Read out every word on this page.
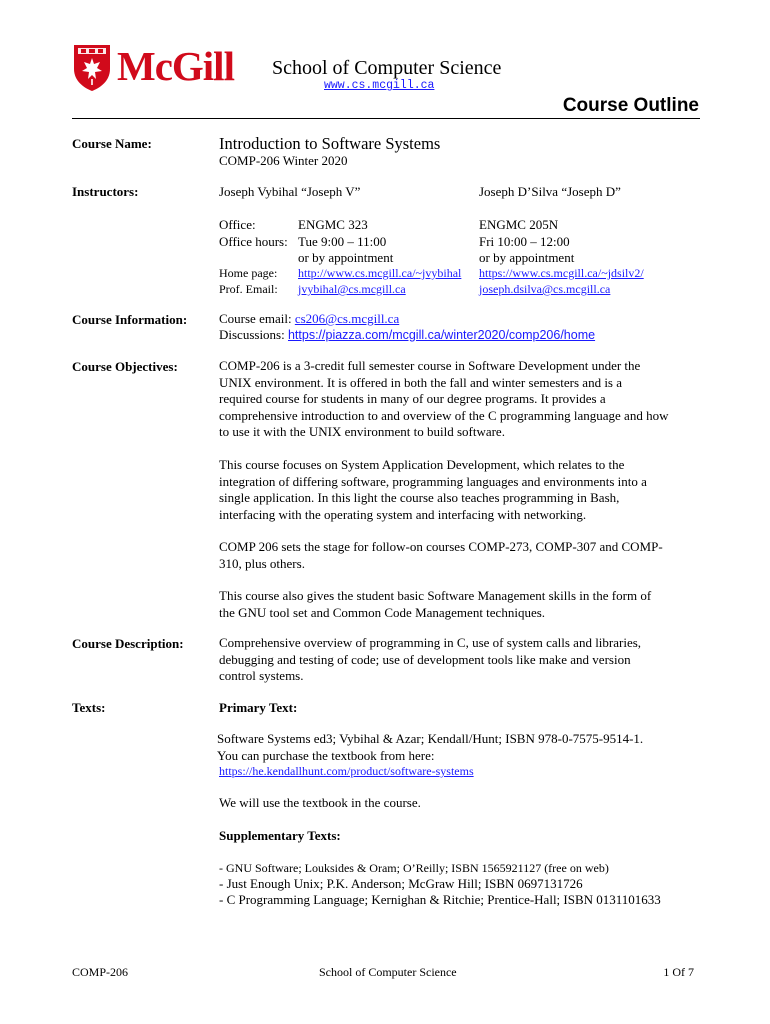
McGill School of Computer Science
www.cs.mcgill.ca
Course Outline
Course Name:	Introduction to Software Systems
COMP-206 Winter 2020
Instructors:	Joseph Vybihal “Joseph V”	Joseph D’Silva “Joseph D”
Office:	ENGMC 323	ENGMC 205N
Office hours: Tue 9:00 – 11:00	Fri 10:00 – 12:00
or by appointment	or by appointment
Home page: http://www.cs.mcgill.ca/~jvybihal https://www.cs.mcgill.ca/~jdsilv2/
Prof. Email: jvybihal@cs.mcgill.ca	joseph.dsilva@cs.mcgill.ca
Course Information: Course email: cs206@cs.mcgill.ca
Discussions: https://piazza.com/mcgill.ca/winter2020/comp206/home
Course Objectives:	COMP-206 is a 3-credit full semester course in Software Development under the
UNIX environment. It is offered in both the fall and winter semesters and is a
required course for students in many of our degree programs. It provides a
comprehensive introduction to and overview of the C programming language and how
to use it with the UNIX environment to build software.
This course focuses on System Application Development, which relates to the
integration of differing software, programming languages and environments into a
single application. In this light the course also teaches programming in Bash,
interfacing with the operating system and interfacing with networking.
COMP 206 sets the stage for follow-on courses COMP-273, COMP-307 and COMP-
310, plus others.
This course also gives the student basic Software Management skills in the form of
the GNU tool set and Common Code Management techniques.
Course Description:	Comprehensive overview of programming in C, use of system calls and libraries,
debugging and testing of code; use of development tools like make and version
control systems.
Texts:	Primary Text:
Software Systems ed3; Vybihal & Azar; Kendall/Hunt; ISBN 978-0-7575-9514-1.
You can purchase the textbook from here:
https://he.kendallhunt.com/product/software-systems
We will use the textbook in the course.
Supplementary Texts:
- GNU Software; Louksides & Oram; O’Reilly; ISBN 1565921127 (free on web)
- Just Enough Unix; P.K. Anderson; McGraw Hill; ISBN 0697131726
- C Programming Language; Kernighan & Ritchie; Prentice-Hall; ISBN 0131101633
COMP-206	School of Computer Science	1 Of 7
